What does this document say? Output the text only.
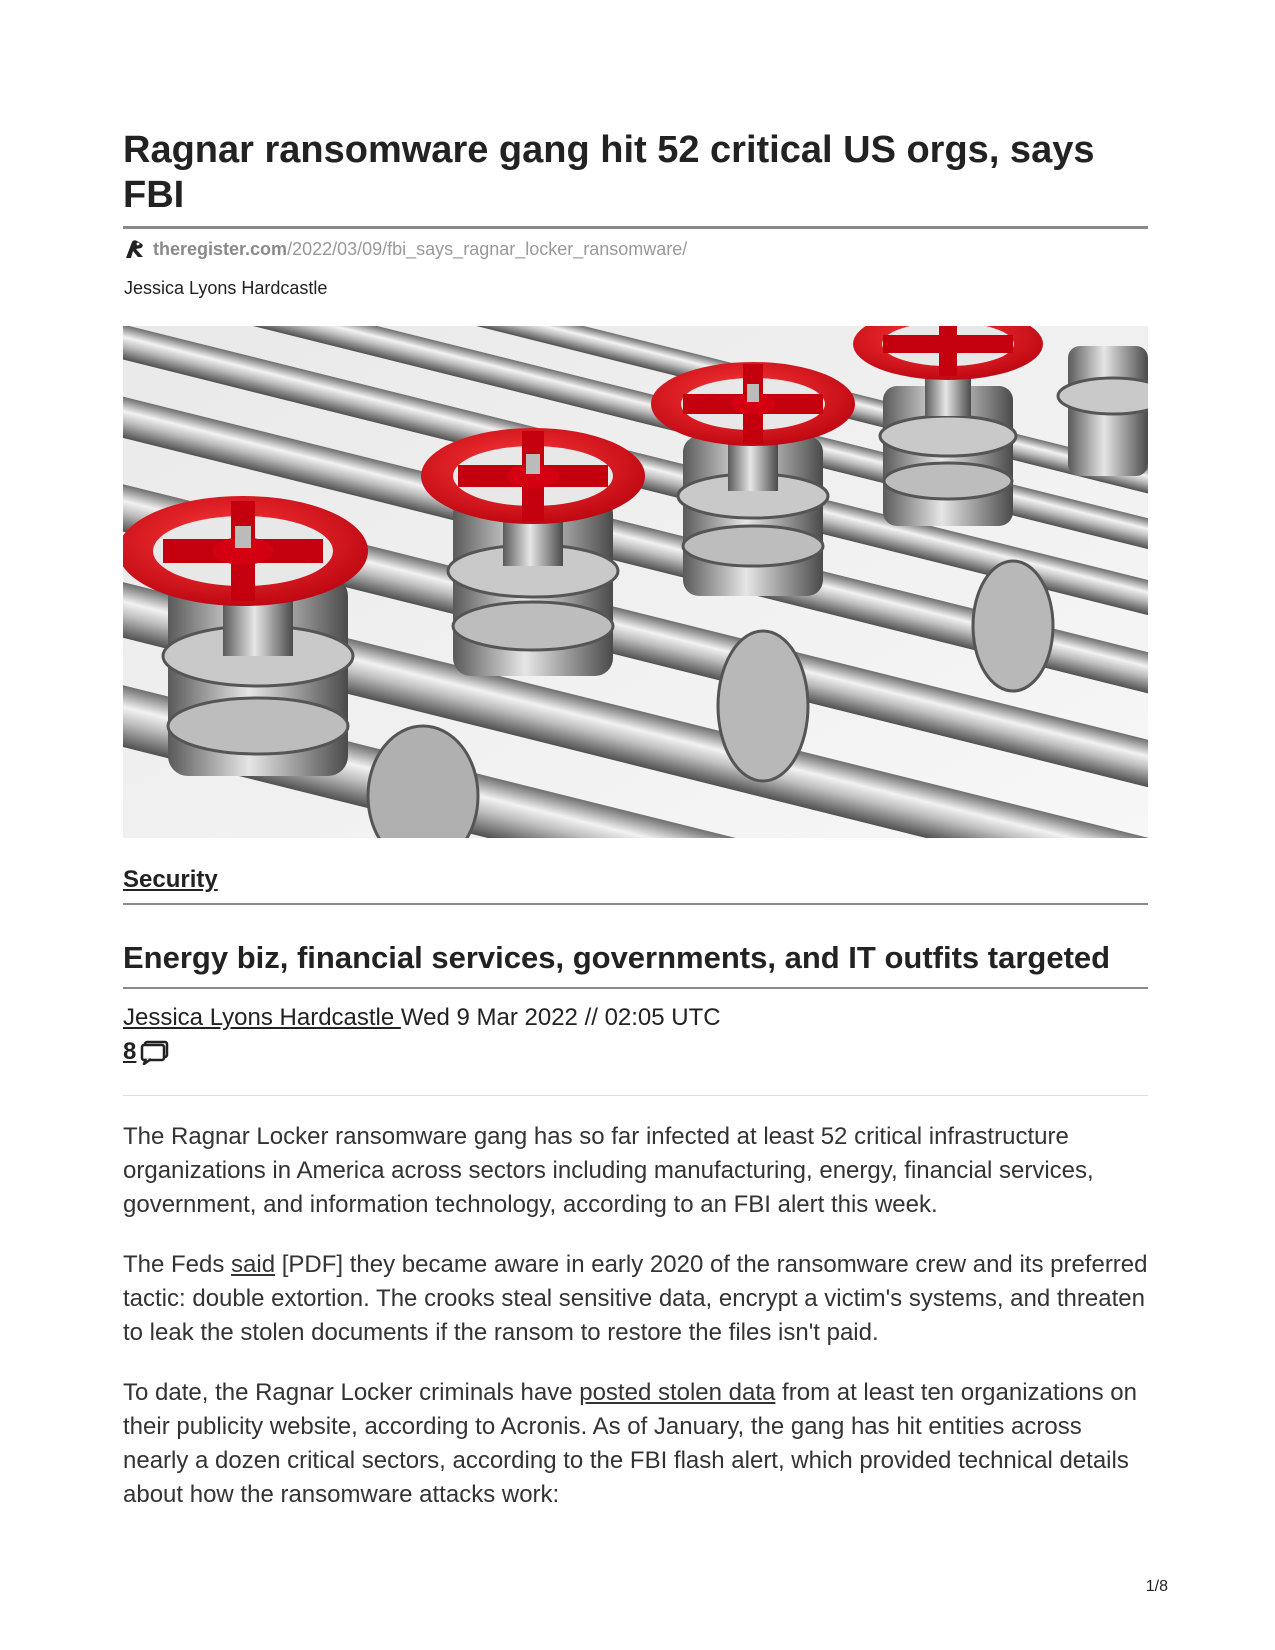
Ragnar ransomware gang hit 52 critical US orgs, says FBI
theregister.com /2022/03/09/fbi_says_ragnar_locker_ransomware/
Jessica Lyons Hardcastle
Security
Energy biz, financial services, governments, and IT outfits targeted
Jessica Lyons Hardcastle Wed 9 Mar 2022 // 02:05 UTC
8

The Ragnar Locker ransomware gang has so far infected at least 52 critical infrastructure organizations in America across sectors including manufacturing, energy, financial services, government, and information technology, according to an FBI alert this week.

The Feds said [PDF] they became aware in early 2020 of the ransomware crew and its preferred tactic: double extortion. The crooks steal sensitive data, encrypt a victim's systems, and threaten to leak the stolen documents if the ransom to restore the files isn't paid.

To date, the Ragnar Locker criminals have posted stolen data from at least ten organizations on their publicity website, according to Acronis. As of January, the gang has hit entities across nearly a dozen critical sectors, according to the FBI flash alert, which provided technical details about how the ransomware attacks work:

1/8
